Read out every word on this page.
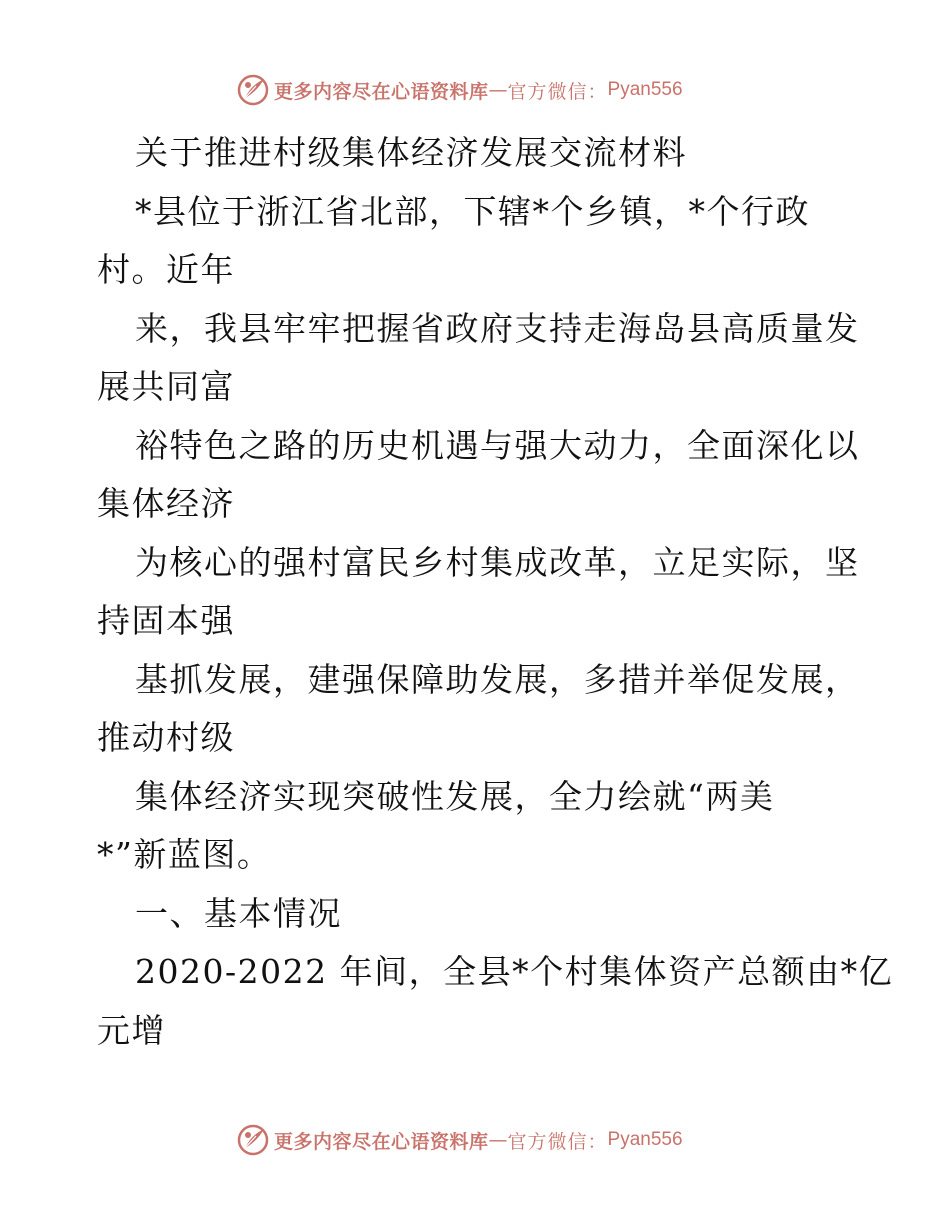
更多内容尽在心语资料库 — 官方微信： Pyan556
关于推进村级集体经济发展交流材料
*县位于浙江省北部，下辖*个乡镇，*个行政
村。近年
来，我县牢牢把握省政府支持走海岛县高质量发
展共同富
裕特色之路的历史机遇与强大动力，全面深化以
集体经济
为核心的强村富民乡村集成改革，立足实际，坚
持固本强
基抓发展，建强保障助发展，多措并举促发展，
推动村级
集体经济实现突破性发展，全力绘就“两美
*”新蓝图。
一、基本情况
2020-2022 年间，全县*个村集体资产总额由*亿
元增
更多内容尽在心语资料库 — 官方微信： Pyan556
